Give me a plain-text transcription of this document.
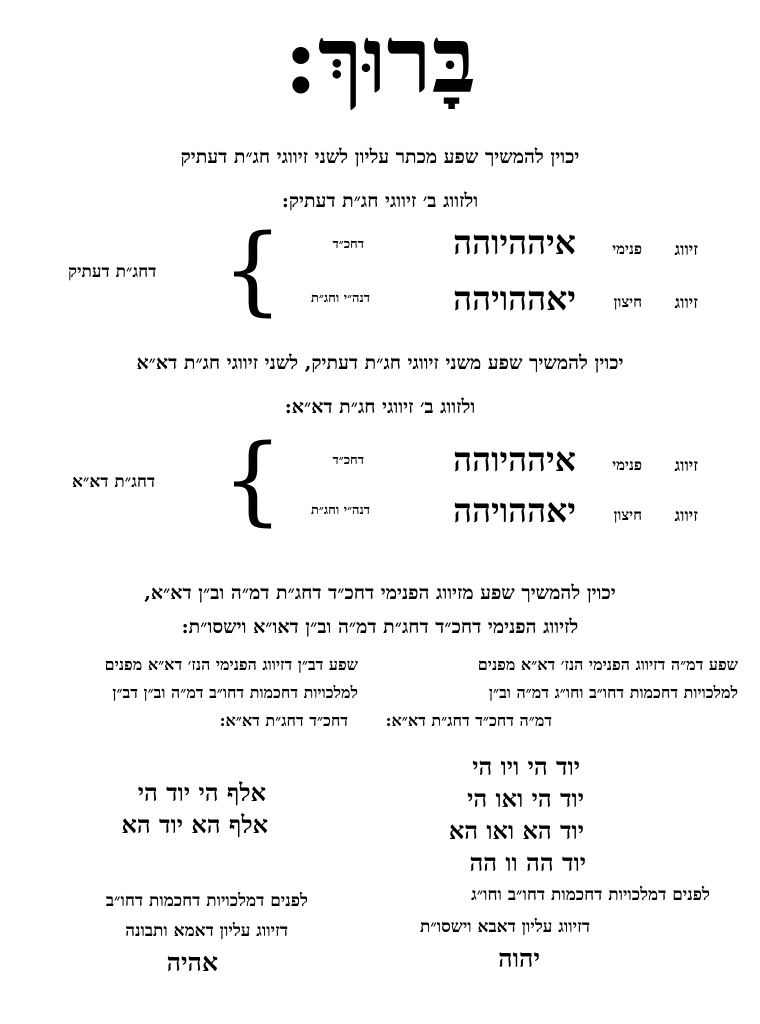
בָּרוּךְ:
יכוין להמשיך שפע מכתר עליון לשני זיווגי חג״ת דעתיק
ולזווג ב׳ זיווגי חג״ת דעתיק:
זיווג
פנימי
איההיוהה
דחכ״ד
זיווג
חיצון
יאההויהה
דנה״י וחג״ת
{
דחג״ת דעתיק
יכוין להמשיך שפע משני זיווגי חג״ת דעתיק, לשני זיווגי חג״ת דא״א
ולזווג ב׳ זיווגי חג״ת דא״א:
זיווג
פנימי
איההיוהה
דחכ״ד
זיווג
חיצון
יאההויהה
דנה״י וחג״ת
{
דחג״ת דא״א
יכוין להמשיך שפע מזיווג הפנימי דחכ״ד דחג״ת דמ״ה וב״ן דא״א,
לזיווג הפנימי דחכ״ד דחג״ת דמ״ה וב״ן דאו״א וישסו״ת:
שפע דמ״ה דזיווג הפנימי הנז׳ דא״א מפנים
למלכויות דחכמות דחו״ב וחו״ג דמ״ה וב״ן
דמ״ה דחכ״ד דחג״ת דא״א:
יוד הי ויו הי
יוד הי ואו הי
יוד הא ואו הא
יוד הה וו הה
לפנים דמלכויות דחכמות דחו״ב וחו״ג
דזיווג עליון דאבא וישסו״ת
יהוה
שפע דב״ן דזיווג הפנימי הנז׳ דא״א מפנים
למלכויות דחכמות דחו״ב דמ״ה וב״ן דב״ן
דחכ״ד דחג״ת דא״א:
אלף הי יוד הי
אלף הא יוד הא
לפנים דמלכויות דחכמות דחו״ב
דזיווג עליון דאמא ותבונה
אהיה
